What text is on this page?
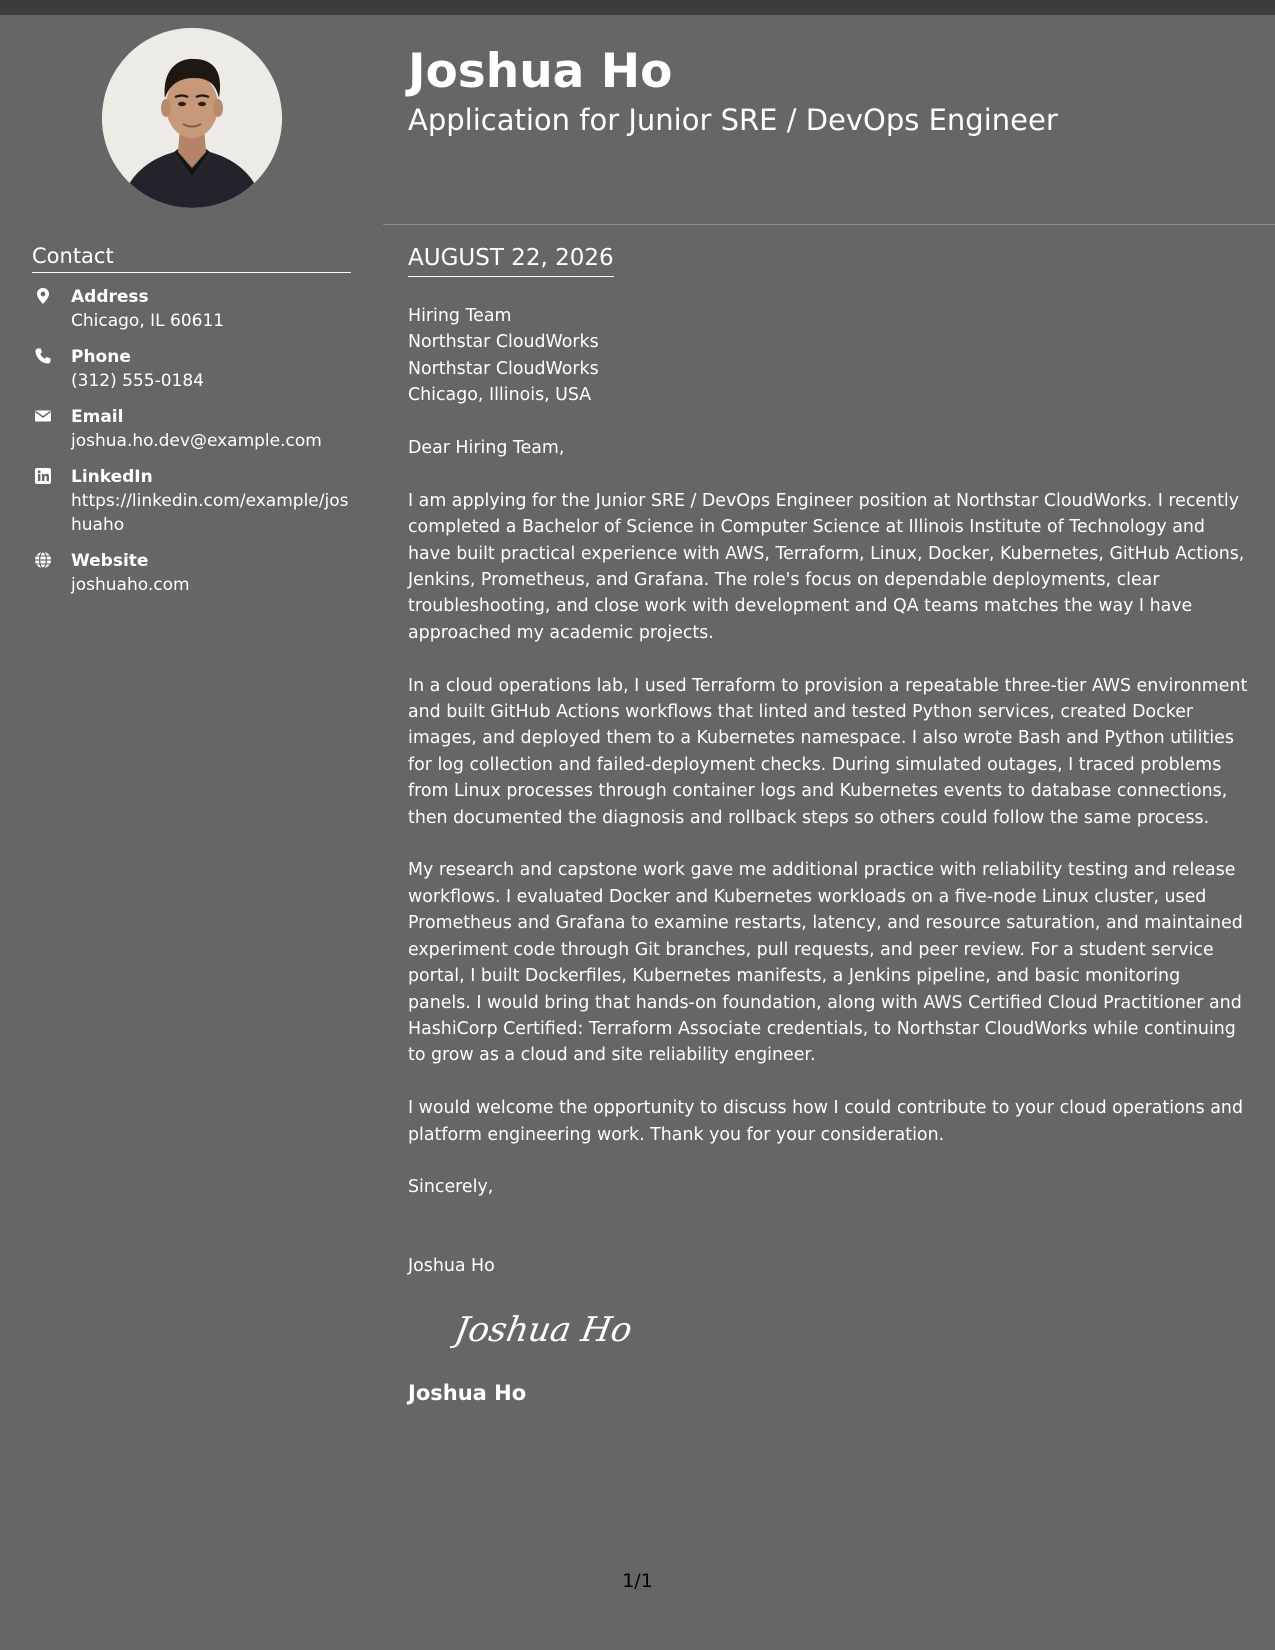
Joshua Ho
Application for Junior SRE / DevOps Engineer
Contact
Address
Chicago, IL 60611
Phone
(312) 555-0184
Email
joshua.ho.dev@example.com
LinkedIn
https://linkedin.com/example/joshuaho
Website
joshuaho.com
AUGUST 22, 2026

Hiring Team
Northstar CloudWorks
Northstar CloudWorks
Chicago, Illinois, USA

Dear Hiring Team,

I am applying for the Junior SRE / DevOps Engineer position at Northstar CloudWorks. I recently completed a Bachelor of Science in Computer Science at Illinois Institute of Technology and have built practical experience with AWS, Terraform, Linux, Docker, Kubernetes, GitHub Actions, Jenkins, Prometheus, and Grafana. The role's focus on dependable deployments, clear troubleshooting, and close work with development and QA teams matches the way I have approached my academic projects.

In a cloud operations lab, I used Terraform to provision a repeatable three-tier AWS environment and built GitHub Actions workflows that linted and tested Python services, created Docker images, and deployed them to a Kubernetes namespace. I also wrote Bash and Python utilities for log collection and failed-deployment checks. During simulated outages, I traced problems from Linux processes through container logs and Kubernetes events to database connections, then documented the diagnosis and rollback steps so others could follow the same process.

My research and capstone work gave me additional practice with reliability testing and release workflows. I evaluated Docker and Kubernetes workloads on a five-node Linux cluster, used Prometheus and Grafana to examine restarts, latency, and resource saturation, and maintained experiment code through Git branches, pull requests, and peer review. For a student service portal, I built Dockerfiles, Kubernetes manifests, a Jenkins pipeline, and basic monitoring panels. I would bring that hands-on foundation, along with AWS Certified Cloud Practitioner and HashiCorp Certified: Terraform Associate credentials, to Northstar CloudWorks while continuing to grow as a cloud and site reliability engineer.

I would welcome the opportunity to discuss how I could contribute to your cloud operations and platform engineering work. Thank you for your consideration.

Sincerely,

Joshua Ho

Joshua Ho
Joshua Ho
1/1
